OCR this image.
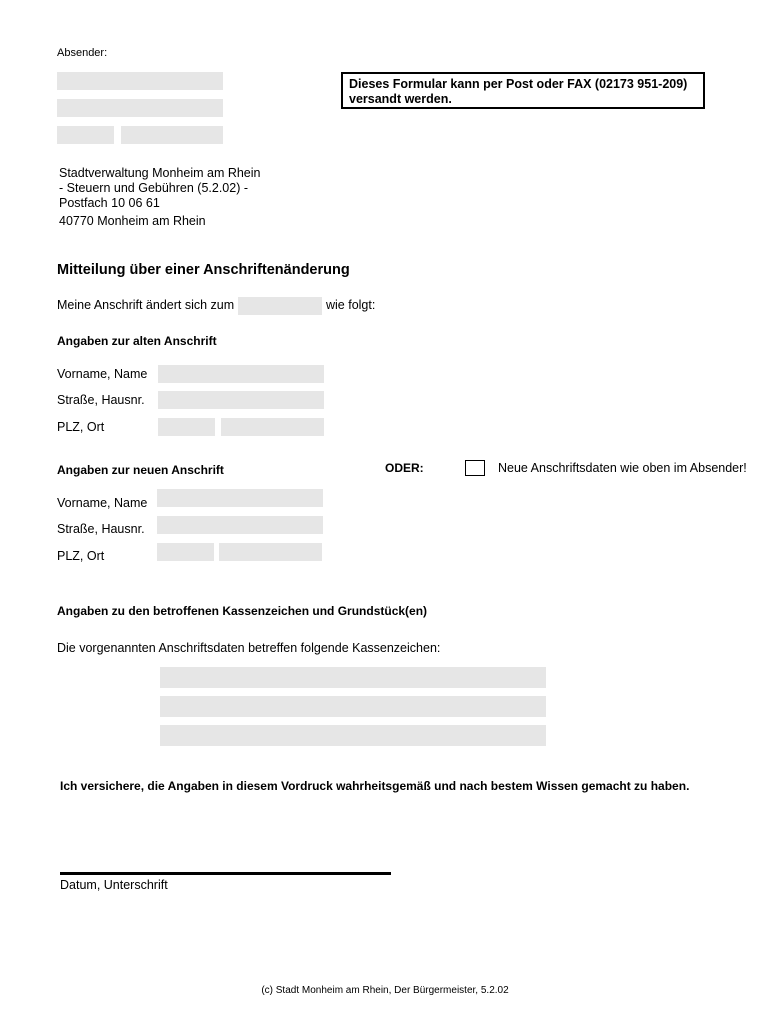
Absender:
Dieses Formular kann per Post oder FAX (02173 951-209)
versandt werden.
Stadtverwaltung Monheim am Rhein
- Steuern und Gebühren (5.2.02) -
Postfach 10 06 61
40770 Monheim am Rhein
Mitteilung über einer Anschriftenänderung
Meine Anschrift ändert sich zum	wie folgt:
Angaben zur alten Anschrift
Vorname, Name
Straße, Hausnr.
PLZ, Ort
Angaben zur neuen Anschrift	ODER:	Neue Anschriftsdaten wie oben im Absender!
Vorname, Name
Straße, Hausnr.
PLZ, Ort
Angaben zu den betroffenen Kassenzeichen und Grundstück(en)
Die vorgenannten Anschriftsdaten betreffen folgende Kassenzeichen:
Ich versichere, die Angaben in diesem Vordruck wahrheitsgemäß und nach bestem Wissen gemacht zu haben.
Datum, Unterschrift
(c) Stadt Monheim am Rhein, Der Bürgermeister, 5.2.02
